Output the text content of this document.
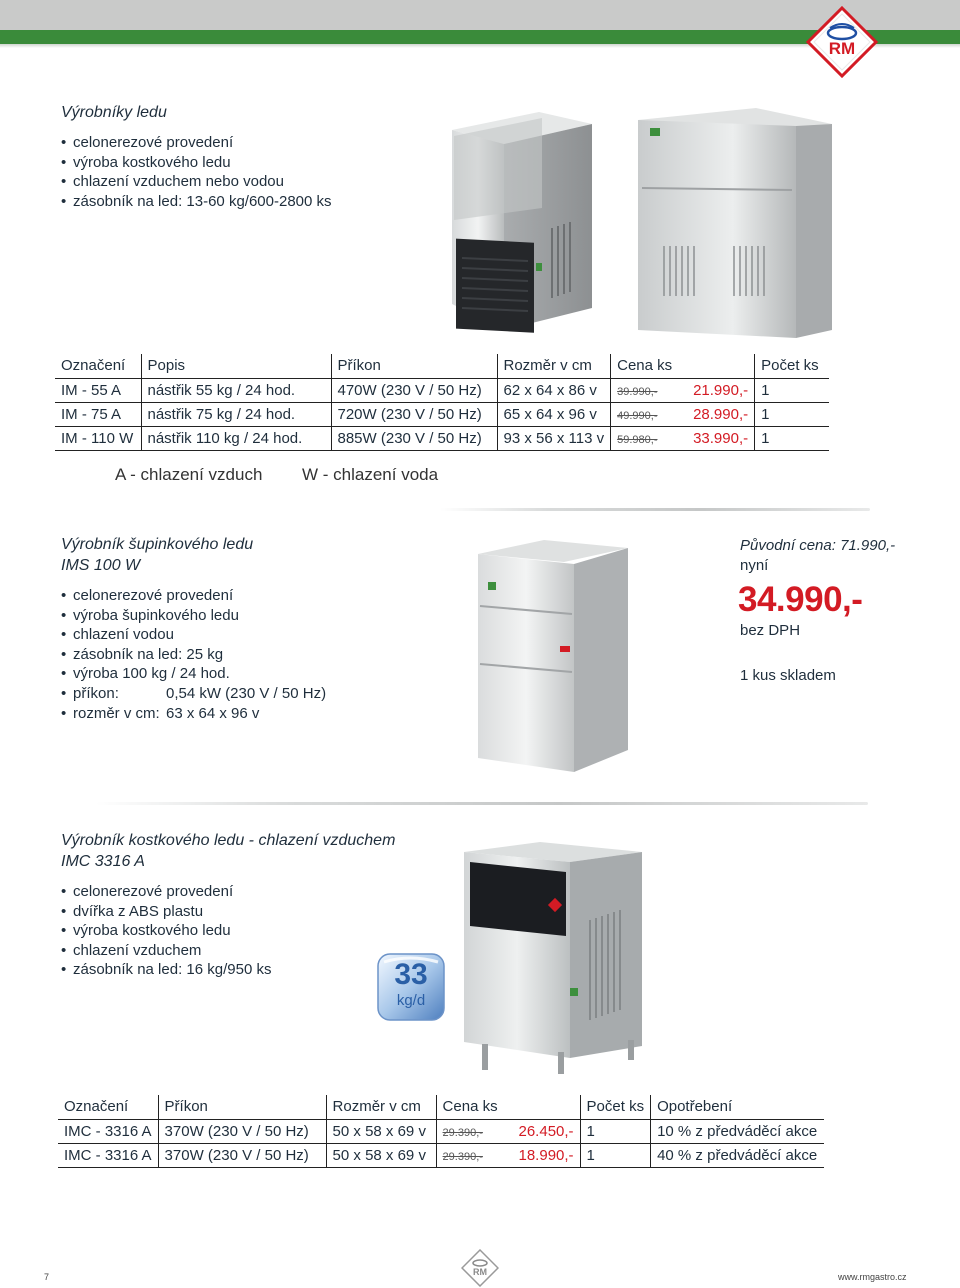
RM
Výrobníky ledu
• celonerezové provedení
• výroba kostkového ledu
• chlazení vzduchem nebo vodou
• zásobník na led: 13-60 kg/600-2800 ks
Označení	Popis	Příkon	Rozměr v cm	Cena ks	Počet ks
IM - 55 A	nástřik 55 kg / 24 hod.	470W (230 V / 50 Hz)	62 x 64 x 86 v	39.990,- 21.990,-	1
IM - 75 A	nástřik 75 kg / 24 hod.	720W (230 V / 50 Hz)	65 x 64 x 96 v	49.990,- 28.990,-	1
IM - 110 W	nástřik 110 kg / 24 hod.	885W (230 V / 50 Hz)	93 x 56 x 113 v	59.980,- 33.990,-	1
A - chlazení vzduch W - chlazení voda
Výrobník šupinkového ledu
IMS 100 W
• celonerezové provedení
• výroba šupinkového ledu
• chlazení vodou
• zásobník na led: 25 kg
• výroba 100 kg / 24 hod.
• příkon:	0,54 kW (230 V / 50 Hz)
• rozměr v cm: 63 x 64 x 96 v
Původní cena: 71.990,-
nyní
34.990,-
bez DPH
1 kus skladem
Výrobník kostkového ledu - chlazení vzduchem
IMC 3316 A
• celonerezové provedení
• dvířka z ABS plastu
• výroba kostkového ledu
• chlazení vzduchem
• zásobník na led: 16 kg/950 ks	33
kg/d
Označení	Příkon	Rozměr v cm	Cena ks	Počet ks	Opotřebení
IMC - 3316 A	370W (230 V / 50 Hz)	50 x 58 x 69 v	29.390,- 26.450,-	1	10 % z předváděcí akce
IMC - 3316 A	370W (230 V / 50 Hz)	50 x 58 x 69 v	29.390,- 18.990,-	1	40 % z předváděcí akce
7	RM	www.rmgastro.cz
